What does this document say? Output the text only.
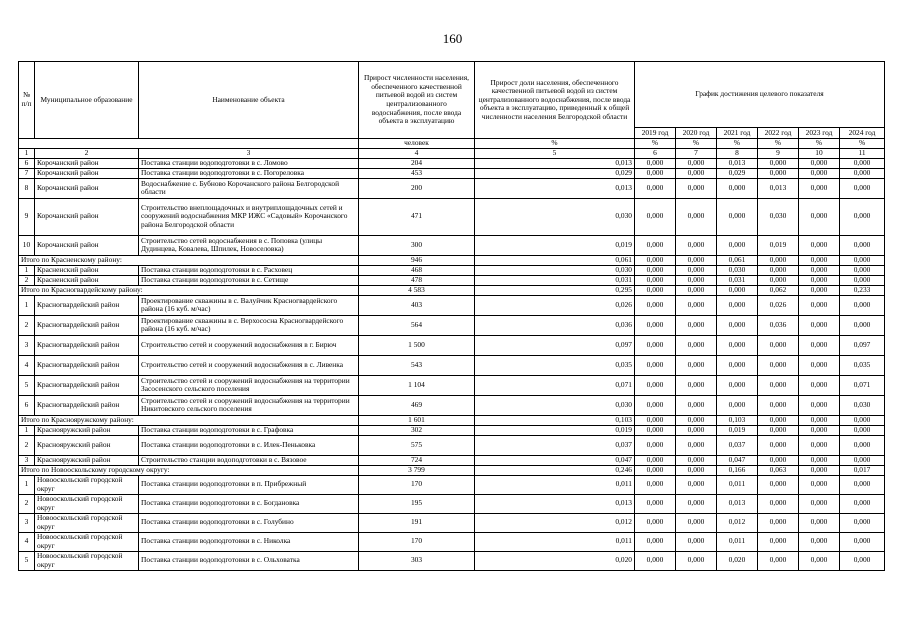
160
№ п/п	Муниципальное образование	Наименование объекта	Прирост численности населения, обеспеченного качественной питьевой водой из систем централизованного водоснабжения, после ввода объекта в эксплуатацию	Прирост доли населения, обеспеченного качественной питьевой водой из систем централизованного водоснабжения, после ввода объекта в эксплуатацию, приведенный к общей численности населения Белгородской области	График достижения целевого показателя					
					2019 год	2020 год	2021 год	2022 год	2023 год	2024 год
			человек	%	%	%	%	%	%	%
1	2	3	4	5	6	7	8	9	10	11
6	Корочанский район	Поставка станции водоподготовки в с. Ломово	204	0,013	0,000	0,000	0,013	0,000	0,000	0,000
7	Корочанский район	Поставка станции водоподготовки в с. Погореловка	453	0,029	0,000	0,000	0,029	0,000	0,000	0,000
8	Корочанский район	Водоснабжение с. Бубново Корочанского района Белгородской области	200	0,013	0,000	0,000	0,000	0,013	0,000	0,000
9	Корочанский район	Строительство внеплощадочных и внутриплощадочных сетей и сооружений водоснабжения МКР ИЖС «Садовый» Корочанского района Белгородской области	471	0,030	0,000	0,000	0,000	0,030	0,000	0,000
10	Корочанский район	Строительство сетей водоснабжения в с. Поповка (улицы Дудинцева, Ковалева, Шпилек, Новоселовка)	300	0,019	0,000	0,000	0,000	0,019	0,000	0,000
Итого по Красненскому району:			946	0,061	0,000	0,000	0,061	0,000	0,000	0,000
1	Красненский район	Поставка станции водоподготовки в с. Расховец	468	0,030	0,000	0,000	0,030	0,000	0,000	0,000
2	Красненский район	Поставка станции водоподготовки в с. Сетище	478	0,031	0,000	0,000	0,031	0,000	0,000	0,000
Итого по Красногвардейскому району:			4 583	0,295	0,000	0,000	0,000	0,062	0,000	0,233
1	Красногвардейский район	Проектирование скважины в с. Валуйчик Красногвардейского района (16 куб. м/час)	403	0,026	0,000	0,000	0,000	0,026	0,000	0,000
2	Красногвардейский район	Проектирование скважины в с. Верхососна Красногвардейского района (16 куб. м/час)	564	0,036	0,000	0,000	0,000	0,036	0,000	0,000
3	Красногвардейский район	Строительство сетей и сооружений водоснабжения в г. Бирюч	1 500	0,097	0,000	0,000	0,000	0,000	0,000	0,097
4	Красногвардейский район	Строительство сетей и сооружений водоснабжения в с. Ливенка	543	0,035	0,000	0,000	0,000	0,000	0,000	0,035
5	Красногвардейский район	Строительство сетей и сооружений водоснабжения на территории Засосенского сельского поселения	1 104	0,071	0,000	0,000	0,000	0,000	0,000	0,071
6	Красногвардейский район	Строительство сетей и сооружений водоснабжения на территории Никитовского сельского поселения	469	0,030	0,000	0,000	0,000	0,000	0,000	0,030
Итого по Краснояружскому району:			1 601	0,103	0,000	0,000	0,103	0,000	0,000	0,000
1	Краснояружский район	Поставка станции водоподготовки в с. Графовка	302	0,019	0,000	0,000	0,019	0,000	0,000	0,000
2	Краснояружский район	Поставка станции водоподготовки в с. Илек-Пеньковка	575	0,037	0,000	0,000	0,037	0,000	0,000	0,000
3	Краснояружский район	Строительство станции водоподготовки в с. Вязовое	724	0,047	0,000	0,000	0,047	0,000	0,000	0,000
Итого по Новооскольскому городскому округу:			3 799	0,246	0,000	0,000	0,166	0,063	0,000	0,017
1	Новооскольский городской округ	Поставка станции водоподготовки в п. Прибрежный	170	0,011	0,000	0,000	0,011	0,000	0,000	0,000
2	Новооскольский городской округ	Поставка станции водоподготовки в с. Богдановка	195	0,013	0,000	0,000	0,013	0,000	0,000	0,000
3	Новооскольский городской округ	Поставка станции водоподготовки в с. Голубино	191	0,012	0,000	0,000	0,012	0,000	0,000	0,000
4	Новооскольский городской округ	Поставка станции водоподготовки в с. Николка	170	0,011	0,000	0,000	0,011	0,000	0,000	0,000
5	Новооскольский городской округ	Поставка станции водоподготовки в с. Ольховатка	303	0,020	0,000	0,000	0,020	0,000	0,000	0,000
